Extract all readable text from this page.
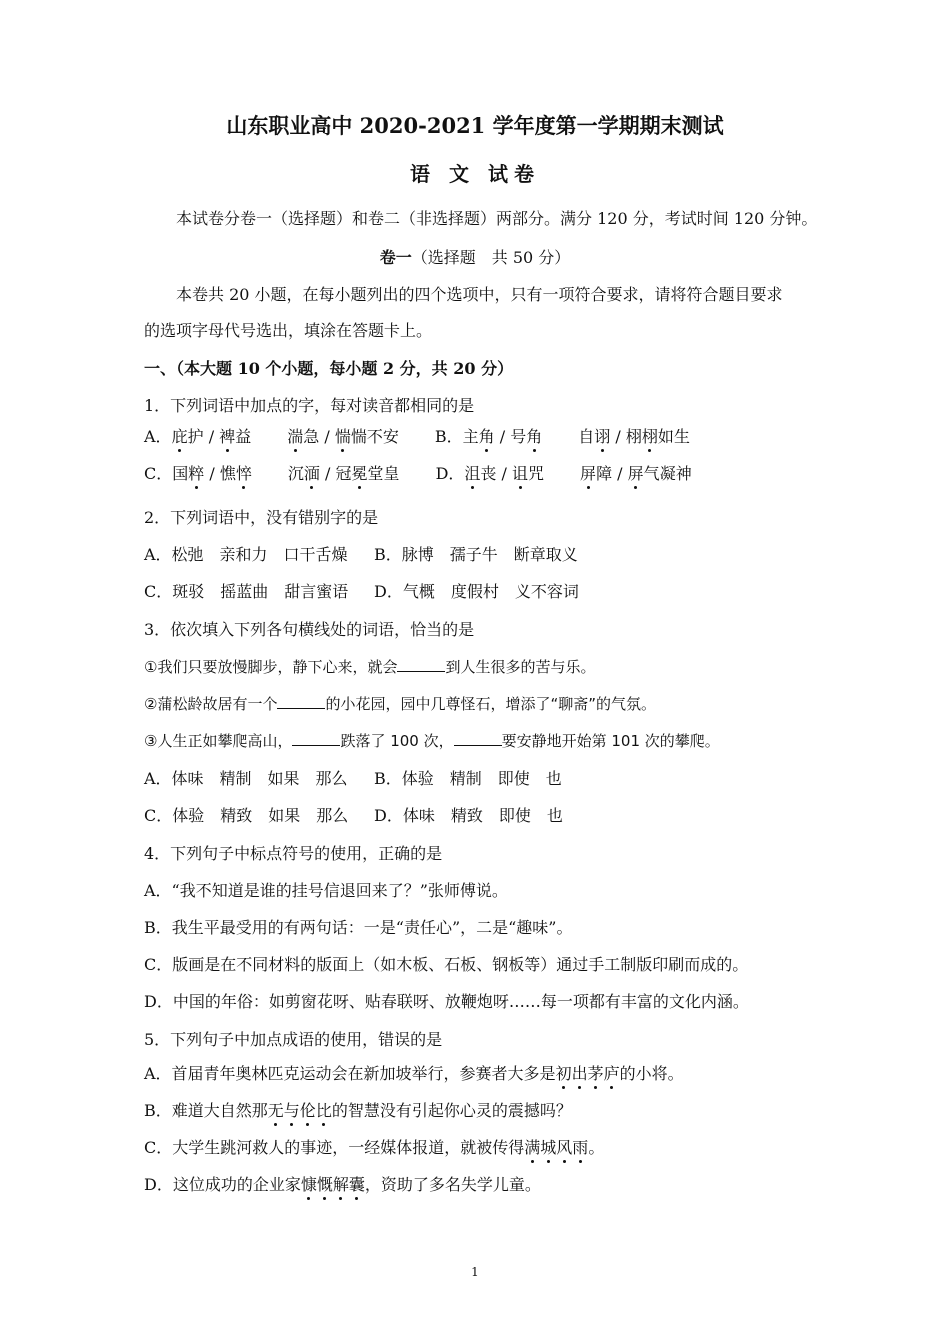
山东职业高中 2020-2021 学年度第一学期期末测试
语 文 试卷
本试卷分卷一（选择题）和卷二（非选择题）两部分。满分 120 分，考试时间 120 分钟。
卷一（选择题　共 50 分）
本卷共 20 小题，在每小题列出的四个选项中，只有一项符合要求，请将符合题目要求
的选项字母代号选出，填涂在答题卡上。
一、（本大题 10 个小题，每小题 2 分，共 20 分）
1．下列词语中加点的字，每对读音都相同的是
A．庇护 / 裨益 湍急 / 惴惴不安 B．主角 / 号角 自诩 / 栩栩如生
C．国粹 / 憔悴 沉湎 / 冠冕堂皇 D．沮丧 / 诅咒 屏障 / 屏气凝神
2．下列词语中，没有错别字的是
A．松弛　亲和力　口干舌燥 B．脉博　孺子牛　断章取义
C．斑驳　摇蓝曲　甜言蜜语 D．气概　度假村　义不容词
3．依次填入下列各句横线处的词语，恰当的是
①我们只要放慢脚步，静下心来，就会	到人生很多的苦与乐。
②蒲松龄故居有一个	的小花园，园中几尊怪石，增添了“聊斋”的气氛。
③人生正如攀爬高山，	跌落了 100 次，	要安静地开始第 101 次的攀爬。
A．体味　精制　如果　那么 B．体验　精制　即使　也
C．体验　精致　如果　那么 D．体味　精致　即使　也
4．下列句子中标点符号的使用，正确的是
A．“我不知道是谁的挂号信退回来了？”张师傅说。
B．我生平最受用的有两句话：一是“责任心”，二是“趣味”。
C．版画是在不同材料的版面上（如木板、石板、钢板等）通过手工制版印刷而成的。
D．中国的年俗：如剪窗花呀、贴春联呀、放鞭炮呀……每一项都有丰富的文化内涵。
5．下列句子中加点成语的使用，错误的是
A．首届青年奥林匹克运动会在新加坡举行，参赛者大多是初出茅庐的小将。
B．难道大自然那无与伦比的智慧没有引起你心灵的震撼吗？
C．大学生跳河救人的事迹，一经媒体报道，就被传得满城风雨。
D．这位成功的企业家慷慨解囊，资助了多名失学儿童。
1
